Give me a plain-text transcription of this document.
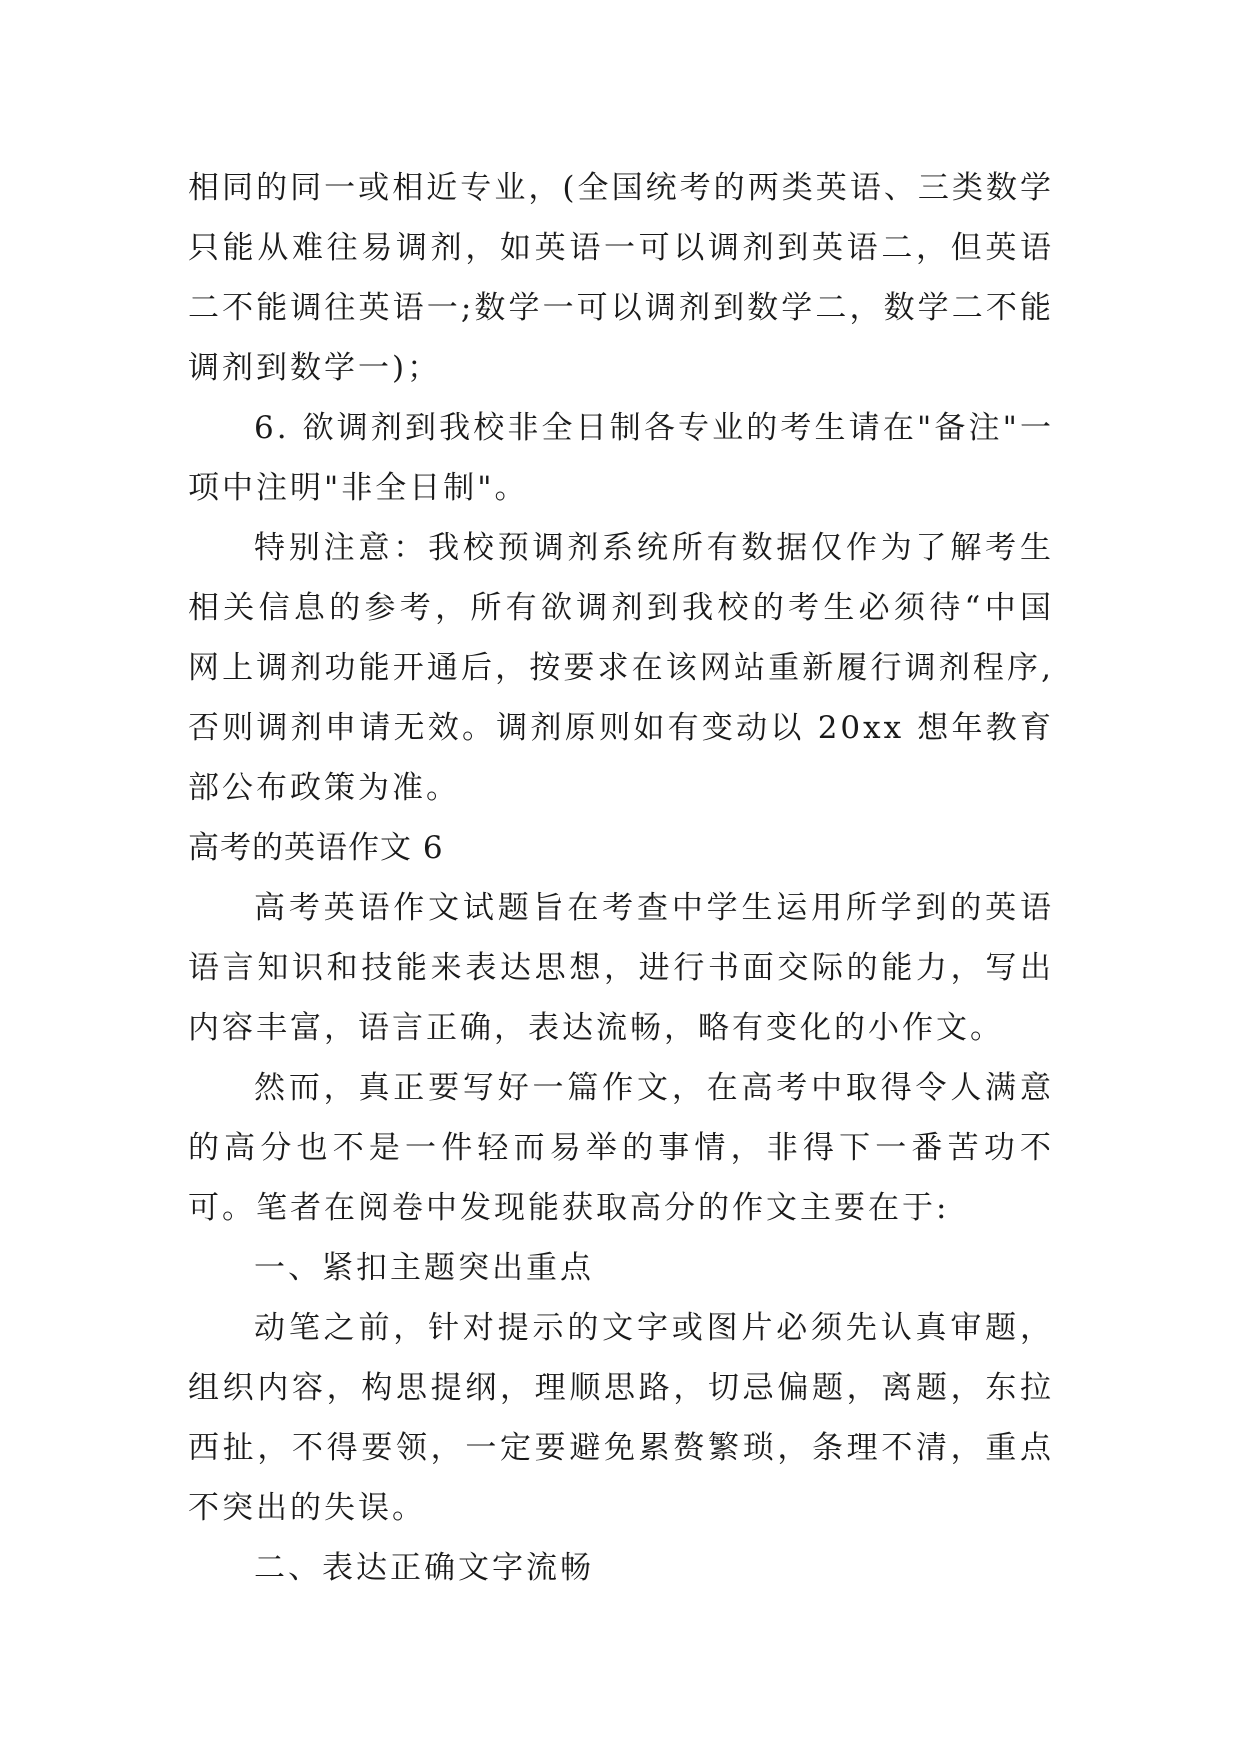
相同的同一或相近专业，(全国统考的两类英语、三类数学只能从难往易调剂，如英语一可以调剂到英语二，但英语二不能调往英语一;数学一可以调剂到数学二，数学二不能调剂到数学一)；

6. 欲调剂到我校非全日制各专业的考生请在"备注"一项中注明"非全日制"。

特别注意：我校预调剂系统所有数据仅作为了解考生相关信息的参考，所有欲调剂到我校的考生必须待“中国网上调剂功能开通后，按要求在该网站重新履行调剂程序,否则调剂申请无效。调剂原则如有变动以 20xx 想年教育部公布政策为准。

高考的英语作文 6

高考英语作文试题旨在考查中学生运用所学到的英语语言知识和技能来表达思想，进行书面交际的能力，写出内容丰富，语言正确，表达流畅，略有变化的小作文。

然而，真正要写好一篇作文，在高考中取得令人满意的高分也不是一件轻而易举的事情，非得下一番苦功不可。笔者在阅卷中发现能获取高分的作文主要在于:

一、紧扣主题突出重点

动笔之前，针对提示的文字或图片必须先认真审题，组织内容，构思提纲，理顺思路，切忌偏题，离题，东拉西扯，不得要领，一定要避免累赘繁琐，条理不清，重点不突出的失误。

二、表达正确文字流畅
